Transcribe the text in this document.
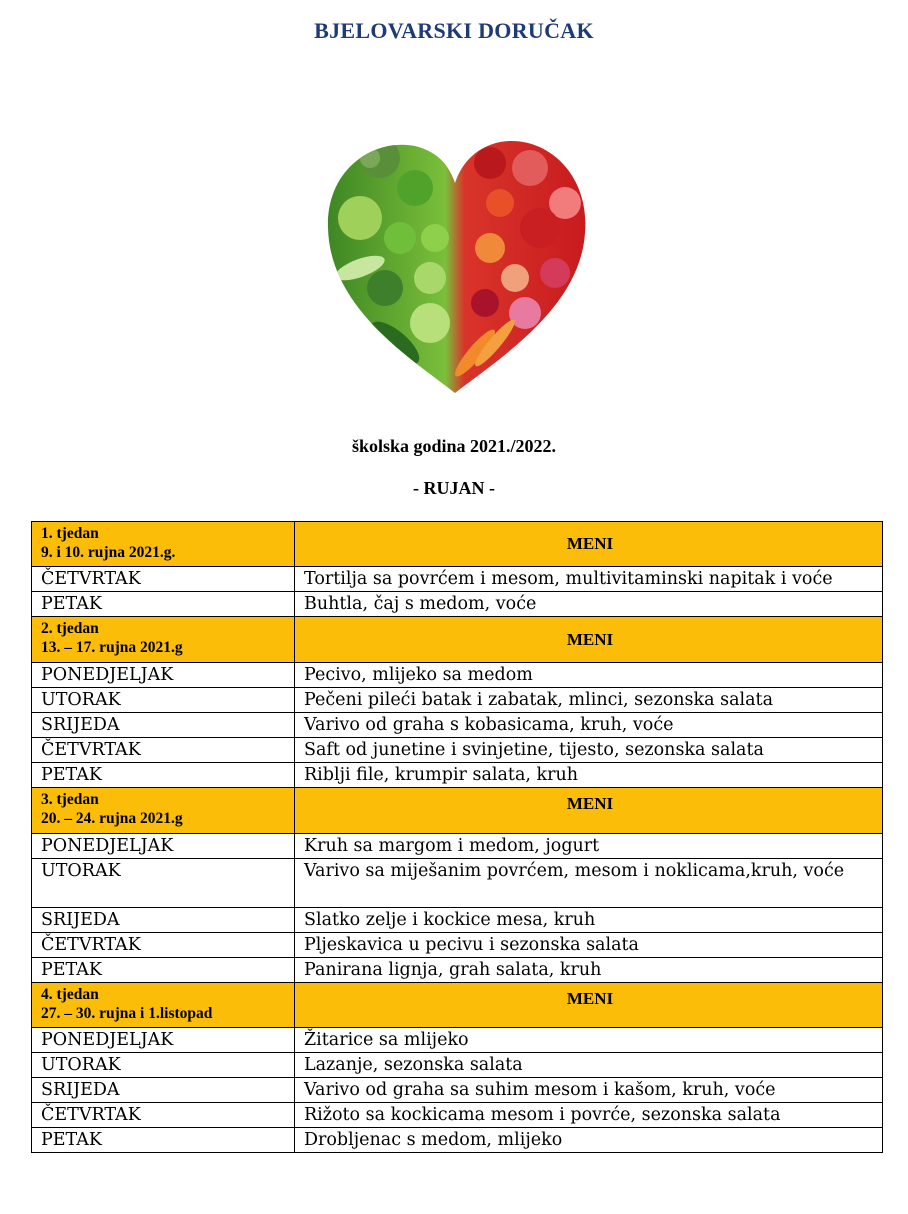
BJELOVARSKI DORUČAK
školska godina 2021./2022.
- RUJAN -
1. tjedan
9. i 10. rujna 2021.g.	MENI
ČETVRTAK	Tortilja sa povrćem i mesom, multivitaminski napitak i voće
PETAK	Buhtla, čaj s medom, voće

2. tjedan
13. – 17. rujna 2021.g	MENI
PONEDJELJAK	Pecivo, mlijeko sa medom
UTORAK	Pečeni pileći batak i zabatak, mlinci, sezonska salata
SRIJEDA	Varivo od graha s kobasicama, kruh, voće
ČETVRTAK	Saft od junetine i svinjetine, tijesto, sezonska salata
PETAK	Riblji file, krumpir salata, kruh

3. tjedan
20. – 24. rujna 2021.g	MENI
PONEDJELJAK	Kruh sa margom i medom, jogurt
UTORAK	Varivo sa miješanim povrćem, mesom i noklicama,kruh, voće
SRIJEDA	Slatko zelje i kockice mesa, kruh
ČETVRTAK	Pljeskavica u pecivu i sezonska salata
PETAK	Panirana lignja, grah salata, kruh

4. tjedan
27. – 30. rujna i 1.listopad	MENI
PONEDJELJAK	Žitarice sa mlijeko
UTORAK	Lazanje, sezonska salata
SRIJEDA	Varivo od graha sa suhim mesom i kašom, kruh, voće
ČETVRTAK	Rižoto sa kockicama mesom i povrće, sezonska salata
PETAK	Drobljenac s medom, mlijeko
